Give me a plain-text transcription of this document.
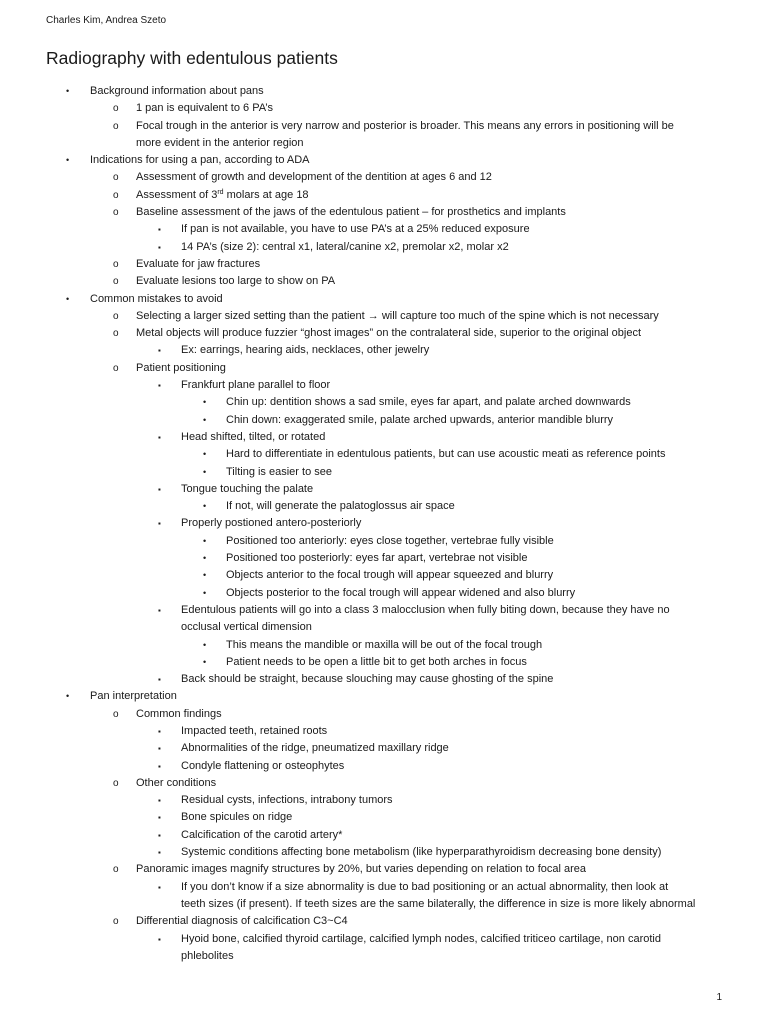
Charles Kim, Andrea Szeto
Radiography with edentulous patients
• Background information about pans
o 1 pan is equivalent to 6 PA’s
o Focal trough in the anterior is very narrow and posterior is broader. This means any errors in positioning will be
more evident in the anterior region
• Indications for using a pan, according to ADA
o Assessment of growth and development of the dentition at ages 6 and 12
o Assessment of 3rd molars at age 18
o Baseline assessment of the jaws of the edentulous patient – for prosthetics and implants
▪ If pan is not available, you have to use PA’s at a 25% reduced exposure
▪ 14 PA’s (size 2): central x1, lateral/canine x2, premolar x2, molar x2
o Evaluate for jaw fractures
o Evaluate lesions too large to show on PA
• Common mistakes to avoid
o Selecting a larger sized setting than the patient → will capture too much of the spine which is not necessary
o Metal objects will produce fuzzier “ghost images” on the contralateral side, superior to the original object
▪ Ex: earrings, hearing aids, necklaces, other jewelry
o Patient positioning
▪ Frankfurt plane parallel to floor
• Chin up: dentition shows a sad smile, eyes far apart, and palate arched downwards
• Chin down: exaggerated smile, palate arched upwards, anterior mandible blurry
▪ Head shifted, tilted, or rotated
• Hard to differentiate in edentulous patients, but can use acoustic meati as reference points
• Tilting is easier to see
▪ Tongue touching the palate
• If not, will generate the palatoglossus air space
▪ Properly postioned antero-posteriorly
• Positioned too anteriorly: eyes close together, vertebrae fully visible
• Positioned too posteriorly: eyes far apart, vertebrae not visible
• Objects anterior to the focal trough will appear squeezed and blurry
• Objects posterior to the focal trough will appear widened and also blurry
▪ Edentulous patients will go into a class 3 malocclusion when fully biting down, because they have no
occlusal vertical dimension
• This means the mandible or maxilla will be out of the focal trough
• Patient needs to be open a little bit to get both arches in focus
▪ Back should be straight, because slouching may cause ghosting of the spine
• Pan interpretation
o Common findings
▪ Impacted teeth, retained roots
▪ Abnormalities of the ridge, pneumatized maxillary ridge
▪ Condyle flattening or osteophytes
o Other conditions
▪ Residual cysts, infections, intrabony tumors
▪ Bone spicules on ridge
▪ Calcification of the carotid artery*
▪ Systemic conditions affecting bone metabolism (like hyperparathyroidism decreasing bone density)
o Panoramic images magnify structures by 20%, but varies depending on relation to focal area
▪ If you don’t know if a size abnormality is due to bad positioning or an actual abnormality, then look at
teeth sizes (if present). If teeth sizes are the same bilaterally, the difference in size is more likely abnormal
o Differential diagnosis of calcification C3~C4
▪ Hyoid bone, calcified thyroid cartilage, calcified lymph nodes, calcified triticeo cartilage, non carotid
phlebolites
1
